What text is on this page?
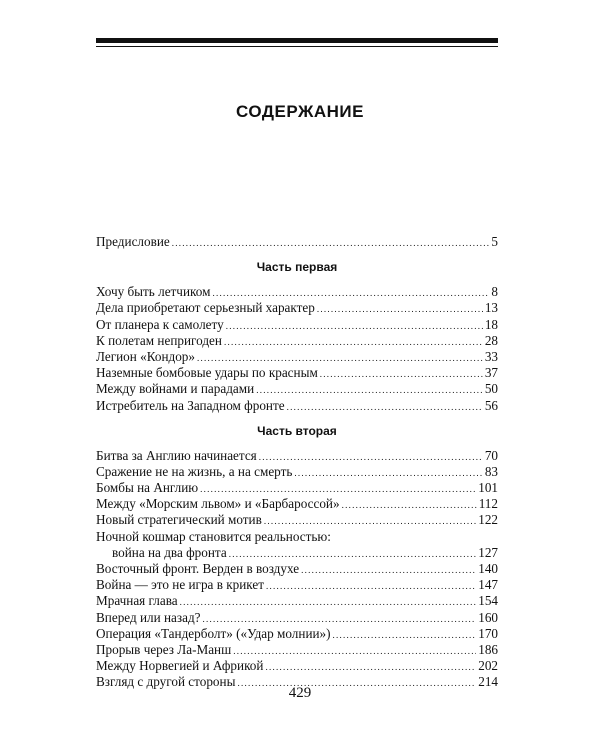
СОДЕРЖАНИЕ
Предисловие . . .	5
Часть первая
Хочу быть летчиком . . .	8
Дела приобретают серьезный характер . . .	13
От планера к самолету . . .	18
К полетам непригоден . . .	28
Легион «Кондор» . . .	33
Наземные бомбовые удары по красным . . .	37
Между войнами и парадами . . .	50
Истребитель на Западном фронте . . .	56
Часть вторая
Битва за Англию начинается . . .	70
Сражение не на жизнь, а на смерть . . .	83
Бомбы на Англию . . .	101
Между «Морским львом» и «Барбароссой» . . .	112
Новый стратегический мотив . . .	122
Ночной кошмар становится реальностью:
война на два фронта . . .	127
Восточный фронт. Верден в воздухе . . .	140
Война — это не игра в крикет . . .	147
Мрачная глава . . .	154
Вперед или назад? . . .	160
Операция «Тандерболт» («Удар молнии») . . .	170
Прорыв через Ла-Манш . . .	186
Между Норвегией и Африкой . . .	202
Взгляд с другой стороны . . .	214
429
